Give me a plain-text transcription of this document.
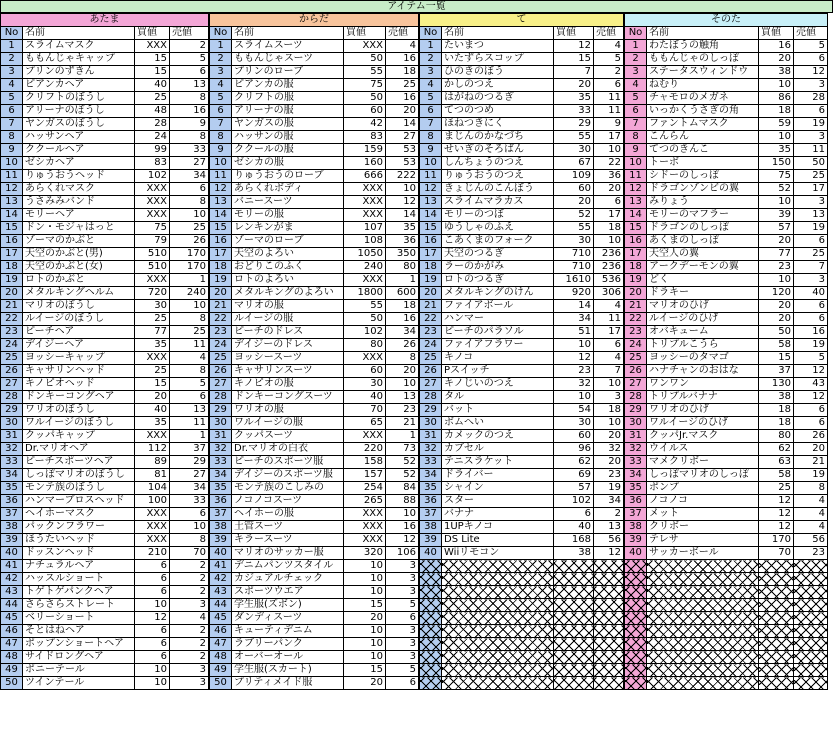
アイテム一覧
あたま			
No	名前	買値	売値
1	スライムマスク	XXX	2
2	ももんじゃキャップ	15	5
3	プリンのずきん	15	6
4	ピアンカヘア	40	13
5	クリフトのぼうし	25	8
6	アリーナのぼうし	48	16
7	ヤンガスのぼうし	28	9
8	ハッサンヘア	24	8
9	ククールヘア	99	33
10	ゼシカヘア	83	27
11	りゅうおうヘッド	102	34
12	あらくれマスク	XXX	6
13	うさみみバンド	XXX	8
14	モリーヘア	XXX	10
15	ドン・モジャはっと	75	25
16	ゾーマのかぶと	79	26
17	天空のかぶと(男)	510	170
18	天空のかぶと(女)	510	170
19	ロトのかぶと	XXX	1
20	メタルキングヘルム	720	240
21	マリオのぼうし	30	10
22	ルイージのぼうし	25	8
23	ピーチヘア	77	25
24	デイジーヘア	35	11
25	ヨッシーキャップ	XXX	4
26	キャサリンヘッド	25	8
27	キノピオヘッド	15	5
28	ドンキーコングヘア	20	6
29	ワリオのぼうし	40	13
30	ワルイージのぼうし	35	11
31	クッパキャップ	XXX	1
32	Dr.マリオヘア	112	37
33	ピーチスポーツヘア	89	29
34	しっぽマリオのぼうし	81	27
35	モンテ族のぼうし	104	34
36	ハンマーブロスヘッド	100	33
37	ヘイホーマスク	XXX	6
38	パックンフラワー	XXX	10
39	ほうたいヘッド	XXX	8
40	ドッスンヘッド	210	70
41	ナチュラルヘア	6	2
42	ハッスルショート	6	2
43	トゲトゲパンクヘア	6	2
44	さらさらストレート	10	3
45	ベリーショート	12	4
46	そとはねヘア	6	2
47	ポップンショートヘア	6	2
48	サイドロングヘア	6	2
49	ポニーテール	10	3
50	ツインテール	10	3
からだ			
No	名前	買値	売値
1	スライムスーツ	XXX	4
2	ももんじゃスーツ	50	16
3	プリンのローブ	55	18
4	ピアンカの服	75	25
5	クリフトの服	50	16
6	アリーナの服	60	20
7	ヤンガスの服	42	14
8	ハッサンの服	83	27
9	ククールの服	159	53
10	ゼシカの服	160	53
11	りゅうおうのローブ	666	222
12	あらくれボディ	XXX	10
13	バニースーツ	XXX	12
14	モリーの服	XXX	14
15	レンキンがま	107	35
16	ゾーマのローブ	108	36
17	天空のよろい	1050	350
18	おどりこのふく	240	80
19	ロトのよろい	XXX	1
20	メタルキングのよろい	1800	600
21	マリオの服	55	18
22	ルイージの服	50	16
23	ピーチのドレス	102	34
24	デイジーのドレス	80	26
25	ヨッシースーツ	XXX	8
26	キャサリンスーツ	60	20
27	キノピオの服	30	10
28	ドンキーコングスーツ	40	13
29	ワリオの服	70	23
30	ワルイージの服	65	21
31	クッパスーツ	XXX	1
32	Dr.マリオの白衣	220	73
33	ピーチのスポーツ服	158	52
34	デイジーのスポーツ服	157	52
35	モンテ族のこしみの	254	84
36	ノコノコスーツ	265	88
37	ヘイホーの服	XXX	10
38	土管スーツ	XXX	16
39	キラースーツ	XXX	12
40	マリオのサッカー服	320	106
41	デニムパンツスタイル	10	3
42	カジュアルチェック	10	3
43	スポーツウエア	10	3
44	学生服(ズボン)	15	5
45	ダンディスーツ	20	6
46	キューティデニム	10	3
47	ラブリーパンク	10	3
48	オーバーオール	10	3
49	学生服(スカート)	15	5
50	プリティメイド服	20	6
て			
No	名前	買値	売値
1	たいまつ	12	4
2	いたずらスコップ	15	5
3	ひのきのぼう	7	2
4	かしのつえ	20	6
5	はがねのつるぎ	35	11
6	てつのつめ	33	11
7	ほねつきにく	29	9
8	まじんのかなづち	55	17
9	せいぎのそろばん	30	10
10	しんちょうのつえ	67	22
11	りゅうおうのつえ	109	36
12	きょじんのこんぼう	60	20
13	スライムマラカス	20	6
14	モリーのつぼ	52	17
15	ゆうしゃのふえ	55	18
16	こあくまのフォーク	30	10
17	天空のつるぎ	710	236
18	ラーのかがみ	710	236
19	ロトのつるぎ	1610	536
20	メタルキングのけん	920	306
21	ファイアボール	14	4
22	ハンマー	34	11
23	ピーチのパラソル	51	17
24	ファイアフラワー	10	6
25	キノコ	12	4
26	Pスイッチ	23	7
27	キノじいのつえ	32	10
28	タル	10	3
29	バット	54	18
30	ボムへい	30	10
31	カメックのつえ	60	20
32	カブセル	96	32
33	テニスラケット	62	20
34	ドライバー	69	23
35	シャイン	57	19
36	スター	102	34
37	バナナ	6	2
38	1UPキノコ	40	13
39	DS Lite	168	56
40	Wiiリモコン	38	12

そのた			
No	名前	買値	売値
1	わたぼうの触角	16	5
2	ももんじゃのしっぽ	20	6
3	ステータスウィンドウ	38	12
4	ねむり	10	3
5	チャモロのメガネ	86	28
6	いっかくうさぎの角	18	6
7	ファントムマスク	59	19
8	こんらん	10	3
9	てつのきんこ	35	11
10	トーボ	150	50
11	シドーのしっぽ	75	25
12	ドラゴンゾンビの翼	52	17
13	みりょう	10	3
14	モリーのマフラー	39	13
15	ドラゴンのしっぽ	57	19
16	あくまのしっぽ	20	6
17	天空人の翼	77	25
18	アークデーモンの翼	23	7
19	どく	10	3
20	ドラキー	120	40
21	マリオのひげ	20	6
22	ルイージのひげ	20	6
23	オバキューム	50	16
24	トリプルこうら	58	19
25	ヨッシーのタマゴ	15	5
26	ハナチャンのおはな	37	12
27	ワンワン	130	43
28	トリプルバナナ	38	12
29	ワリオのひげ	18	6
30	ワルイージのひげ	18	6
31	クッパJr.マスク	80	26
32	ウイルス	62	20
33	マメクリボー	63	21
34	しっぽマリオのしっぽ	58	19
35	ポンプ	25	8
36	ノコノコ	12	4
37	メット	12	4
38	クリボー	12	4
39	テレサ	170	56
40	サッカーボール	70	23
